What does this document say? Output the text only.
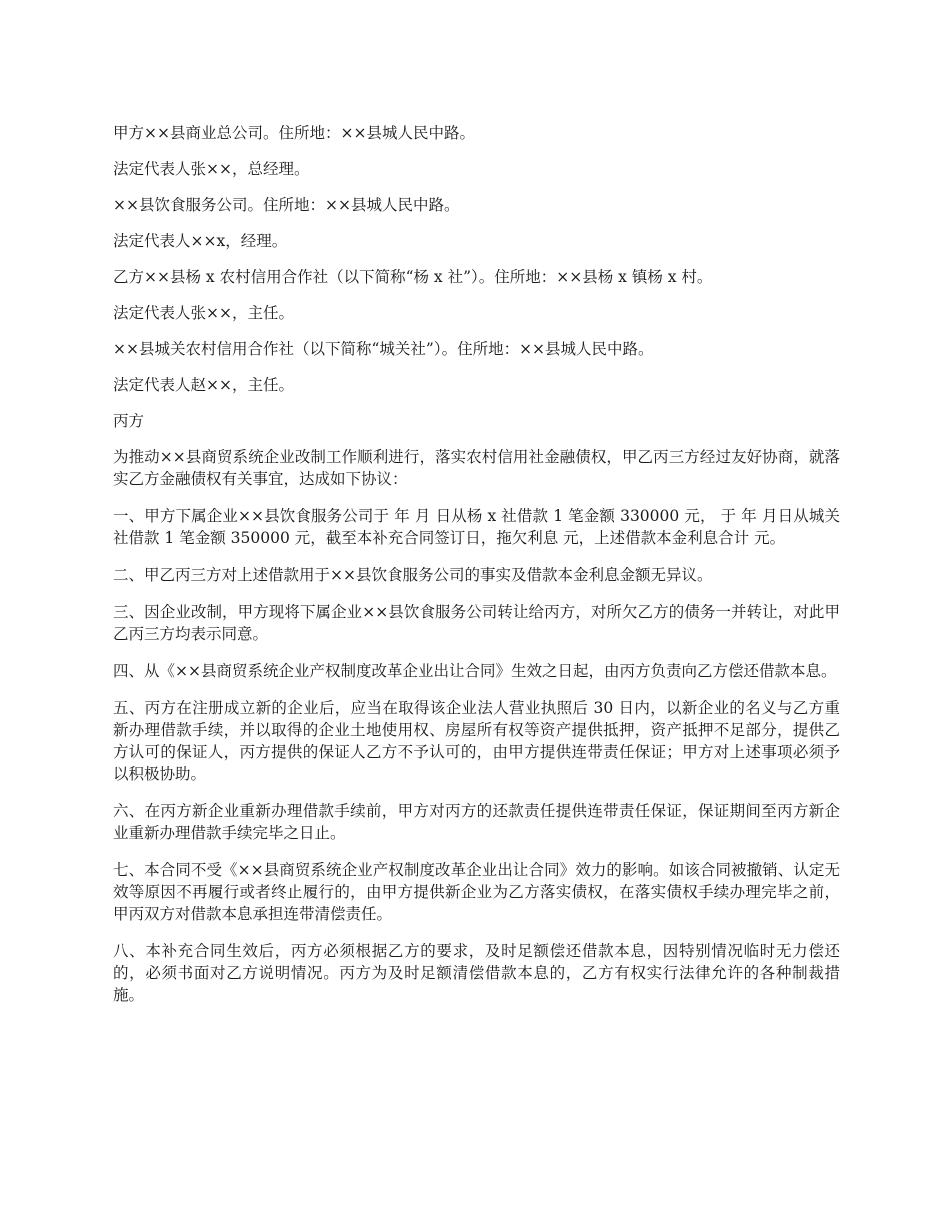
甲方××县商业总公司。住所地：××县城人民中路。

法定代表人张××，总经理。

××县饮食服务公司。住所地：××县城人民中路。

法定代表人××x，经理。

乙方××县杨 x 农村信用合作社（以下简称“杨 x 社”）。住所地：××县杨 x 镇杨 x 村。

法定代表人张××，主任。

××县城关农村信用合作社（以下简称“城关社”）。住所地：××县城人民中路。

法定代表人赵××，主任。

丙方

为推动××县商贸系统企业改制工作顺利进行，落实农村信用社金融债权，甲乙丙三方经过友好协商，就落实乙方金融债权有关事宜，达成如下协议：

一、甲方下属企业××县饮食服务公司于 年 月 日从杨 x 社借款 1 笔金额 330000 元， 于 年 月日从城关社借款 1 笔金额 350000 元，截至本补充合同签订日，拖欠利息 元，上述借款本金利息合计 元。

二、甲乙丙三方对上述借款用于××县饮食服务公司的事实及借款本金利息金额无异议。

三、因企业改制，甲方现将下属企业××县饮食服务公司转让给丙方，对所欠乙方的债务一并转让，对此甲乙丙三方均表示同意。

四、从《××县商贸系统企业产权制度改革企业出让合同》生效之日起，由丙方负责向乙方偿还借款本息。

五、丙方在注册成立新的企业后，应当在取得该企业法人营业执照后 30 日内，以新企业的名义与乙方重新办理借款手续，并以取得的企业土地使用权、房屋所有权等资产提供抵押，资产抵押不足部分，提供乙方认可的保证人，丙方提供的保证人乙方不予认可的，由甲方提供连带责任保证；甲方对上述事项必须予以积极协助。

六、在丙方新企业重新办理借款手续前，甲方对丙方的还款责任提供连带责任保证，保证期间至丙方新企业重新办理借款手续完毕之日止。

七、本合同不受《××县商贸系统企业产权制度改革企业出让合同》效力的影响。如该合同被撤销、认定无效等原因不再履行或者终止履行的，由甲方提供新企业为乙方落实债权，在落实债权手续办理完毕之前，甲丙双方对借款本息承担连带清偿责任。

八、本补充合同生效后，丙方必须根据乙方的要求，及时足额偿还借款本息，因特别情况临时无力偿还的，必须书面对乙方说明情况。丙方为及时足额清偿借款本息的，乙方有权实行法律允许的各种制裁措施。
